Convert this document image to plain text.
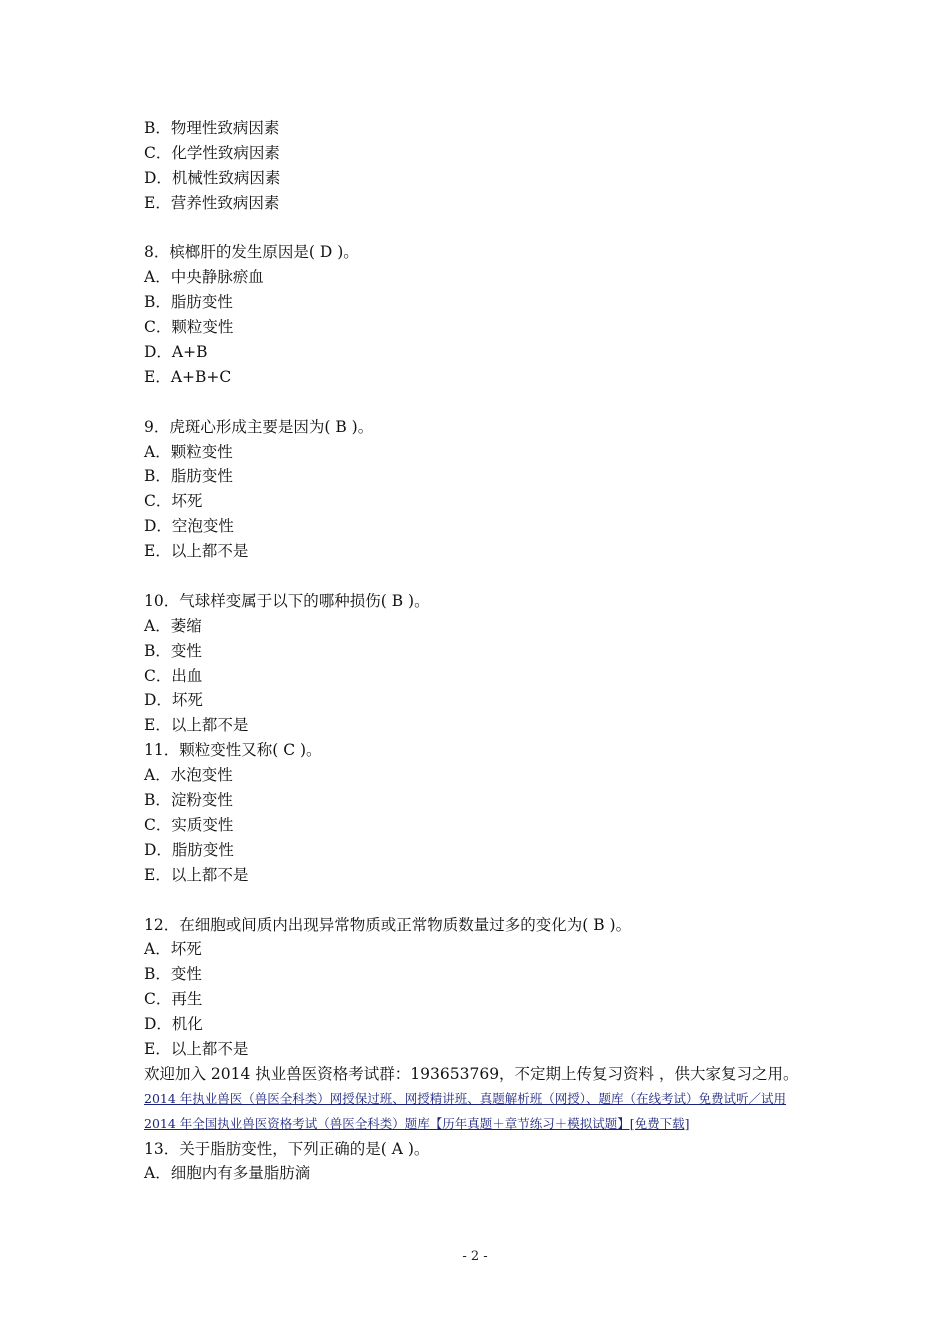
B．物理性致病因素
C．化学性致病因素
D．机械性致病因素
E．营养性致病因素
8．槟榔肝的发生原因是( D )。
A．中央静脉瘀血
B．脂肪变性
C．颗粒变性
D．A+B
E．A+B+C
9．虎斑心形成主要是因为( B )。
A．颗粒变性
B．脂肪变性
C．坏死
D．空泡变性
E．以上都不是
10．气球样变属于以下的哪种损伤( B )。
A．萎缩
B．变性
C．出血
D．坏死
E．以上都不是
11．颗粒变性又称( C )。
A．水泡变性
B．淀粉变性
C．实质变性
D．脂肪变性
E．以上都不是
12．在细胞或间质内出现异常物质或正常物质数量过多的变化为( B )。
A．坏死
B．变性
C．再生
D．机化
E．以上都不是
欢迎加入 2014 执业兽医资格考试群：193653769，不定期上传复习资料 ，供大家复习之用。
2014 年执业兽医（兽医全科类）网授保过班、网授精讲班、真题解析班（网授）、题库（在线考试）免费试听／试用
2014 年全国执业兽医资格考试（兽医全科类）题库【历年真题＋章节练习＋模拟试题】[免费下载]
13．关于脂肪变性，下列正确的是( A )。
A．细胞内有多量脂肪滴
- 2 -
